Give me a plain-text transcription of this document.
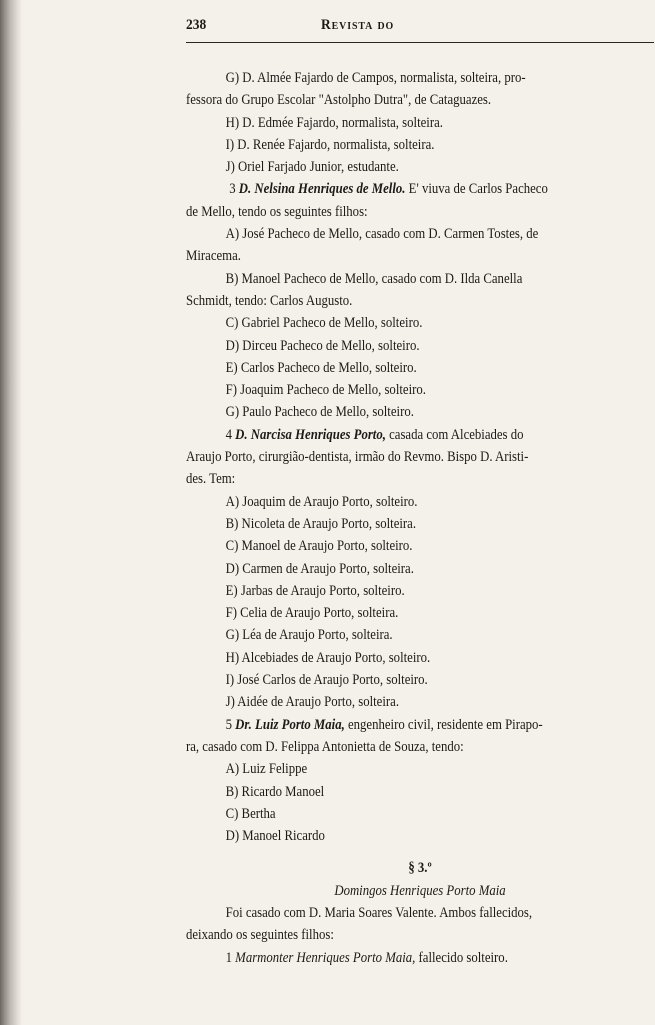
238	Revista do

G) D. Almée Fajardo de Campos, normalista, solteira, pro-

fessora do Grupo Escolar "Astolpho Dutra", de Cataguazes.

H) D. Edmée Fajardo, normalista, solteira.

I) D. Renée Fajardo, normalista, solteira.

J) Oriel Farjado Junior, estudante.

3 D. Nelsina Henriques de Mello. E' viuva de Carlos Pacheco

de Mello, tendo os seguintes filhos:

A) José Pacheco de Mello, casado com D. Carmen Tostes, de

Miracema.

B) Manoel Pacheco de Mello, casado com D. Ilda Canella

Schmidt, tendo: Carlos Augusto.

C) Gabriel Pacheco de Mello, solteiro.

D) Dirceu Pacheco de Mello, solteiro.

E) Carlos Pacheco de Mello, solteiro.

F) Joaquim Pacheco de Mello, solteiro.

G) Paulo Pacheco de Mello, solteiro.

4 D. Narcisa Henriques Porto, casada com Alcebiades do

Araujo Porto, cirurgião-dentista, irmão do Revmo. Bispo D. Aristi-

des. Tem:

A) Joaquim de Araujo Porto, solteiro.

B) Nicoleta de Araujo Porto, solteira.

C) Manoel de Araujo Porto, solteiro.

D) Carmen de Araujo Porto, solteira.

E) Jarbas de Araujo Porto, solteiro.

F) Celia de Araujo Porto, solteira.

G) Léa de Araujo Porto, solteira.

H) Alcebiades de Araujo Porto, solteiro.

I) José Carlos de Araujo Porto, solteiro.

J) Aidée de Araujo Porto, solteira.

5 Dr. Luiz Porto Maia, engenheiro civil, residente em Pirapo-

ra, casado com D. Felippa Antonietta de Souza, tendo:

A) Luiz Felippe

B) Ricardo Manoel

C) Bertha

D) Manoel Ricardo

§ 3.º
Domingos Henriques Porto Maia

Foi casado com D. Maria Soares Valente. Ambos fallecidos,

deixando os seguintes filhos:

1 Marmonter Henriques Porto Maia, fallecido solteiro.
